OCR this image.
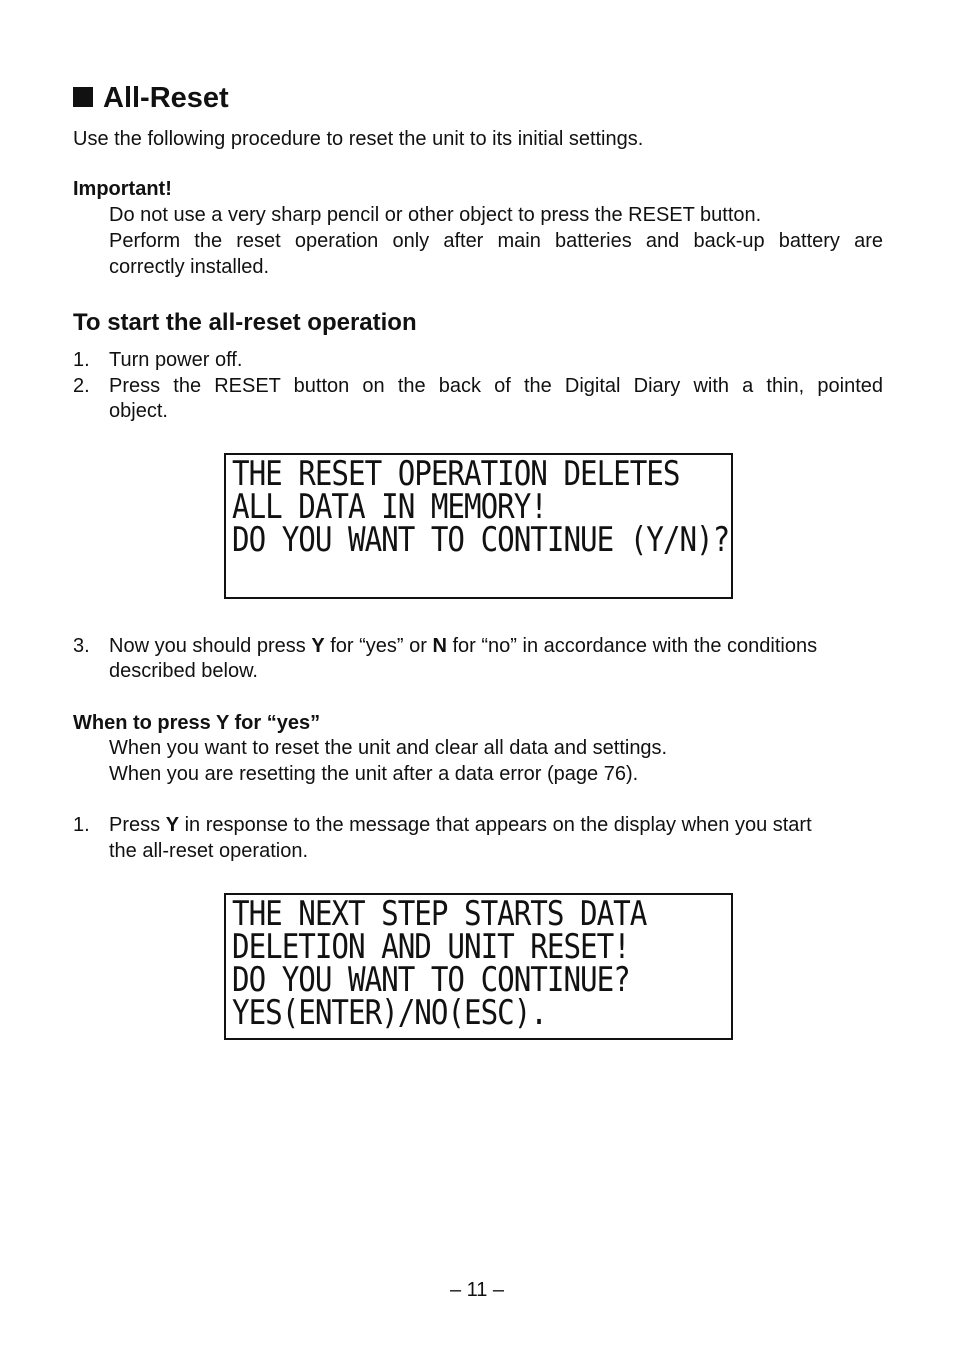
All-Reset
Use the following procedure to reset the unit to its initial settings.
Important!
Do not use a very sharp pencil or other object to press the RESET button.
Perform the reset operation only after main batteries and back-up battery are
correctly installed.
To start the all-reset operation
1. Turn power off.
2. Press the RESET button on the back of the Digital Diary with a thin, pointed
object.
THE RESET OPERATION DELETES
ALL DATA IN MEMORY!
DO YOU WANT TO CONTINUE (Y/N)?
3. Now you should press Y for “yes” or N for “no” in accordance with the conditions
described below.
When to press Y for “yes”
When you want to reset the unit and clear all data and settings.
When you are resetting the unit after a data error (page 76).
1. Press Y in response to the message that appears on the display when you start
the all-reset operation.
THE NEXT STEP STARTS DATA
DELETION AND UNIT RESET!
DO YOU WANT TO CONTINUE?
YES(ENTER)/NO(ESC).
– 11 –
